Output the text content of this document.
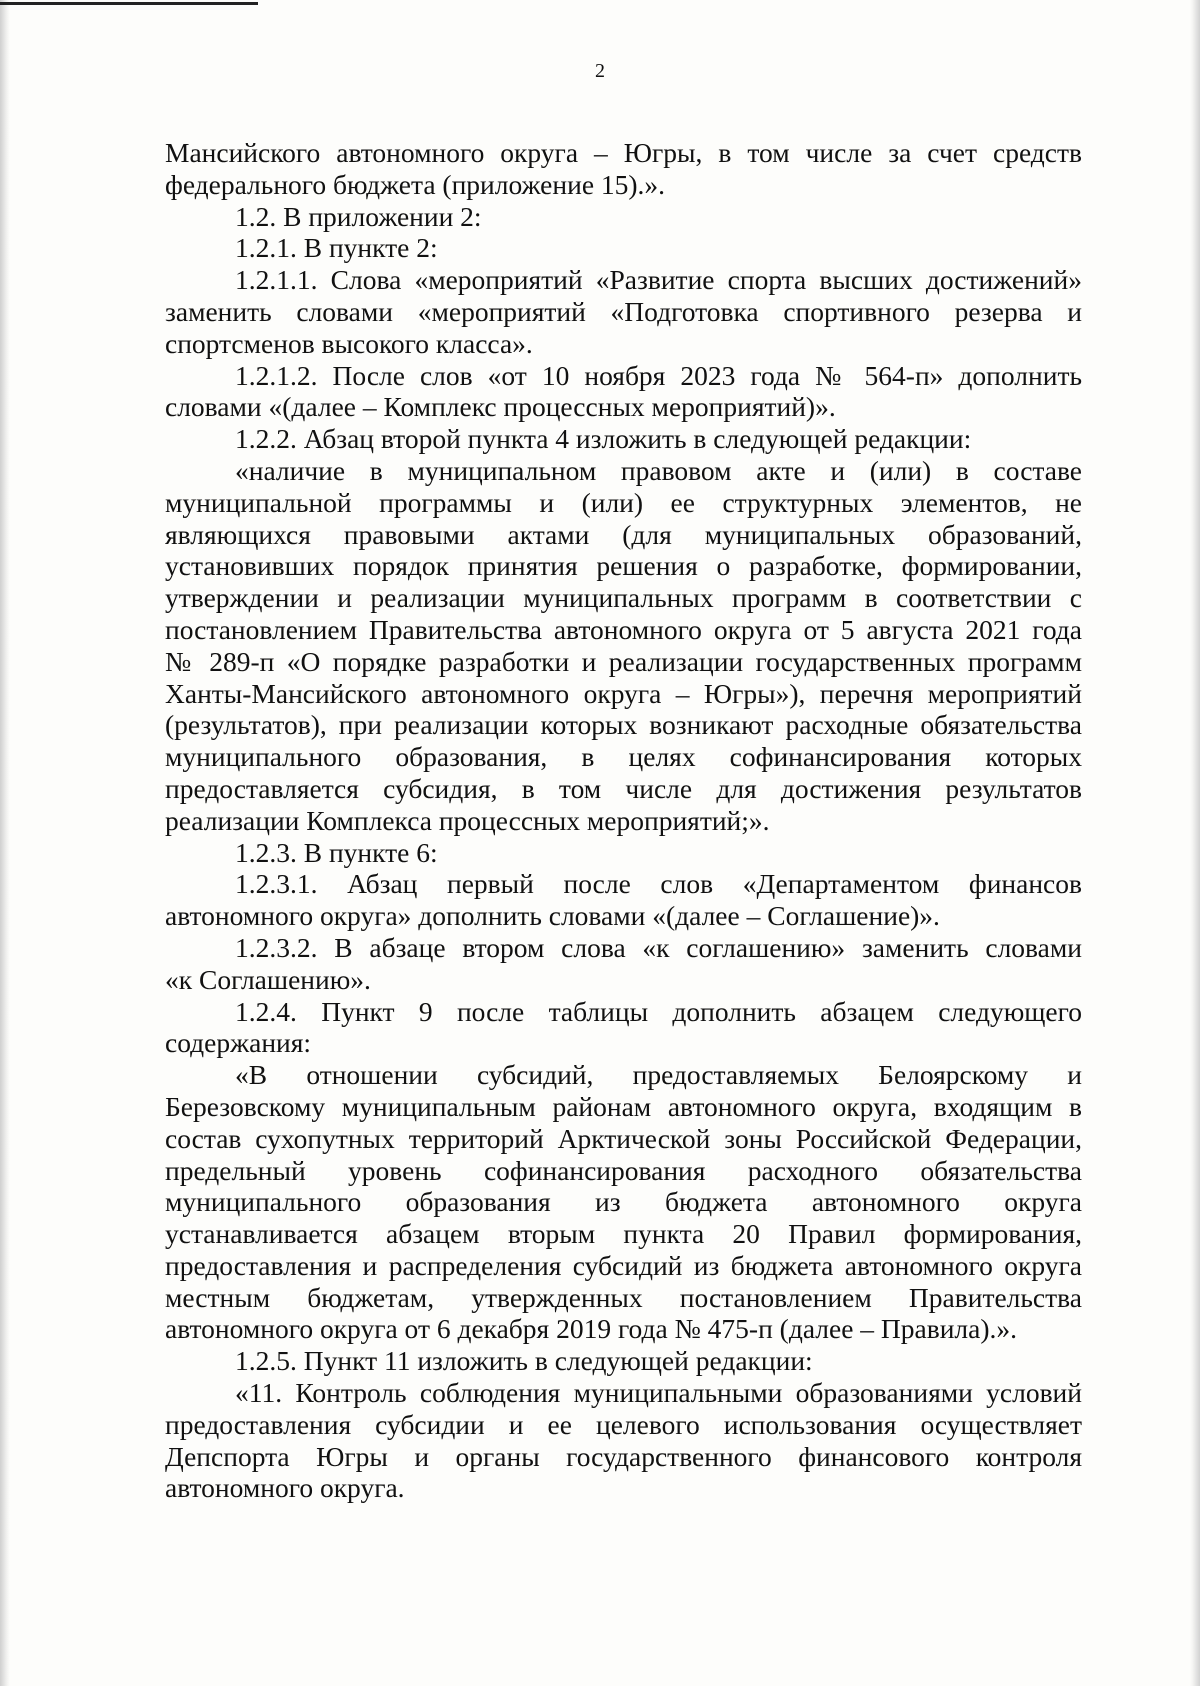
2
Мансийского автономного округа – Югры, в том числе за счет средств
федерального бюджета (приложение 15).».
1.2. В приложении 2:
1.2.1. В пункте 2:
1.2.1.1. Слова «мероприятий «Развитие спорта высших достижений»
заменить словами «мероприятий «Подготовка спортивного резерва и
спортсменов высокого класса».
1.2.1.2. После слов «от 10 ноября 2023 года № 564-п» дополнить
словами «(далее – Комплекс процессных мероприятий)».
1.2.2. Абзац второй пункта 4 изложить в следующей редакции:
«наличие в муниципальном правовом акте и (или) в составе
муниципальной программы и (или) ее структурных элементов, не
являющихся правовыми актами (для муниципальных образований,
установивших порядок принятия решения о разработке, формировании,
утверждении и реализации муниципальных программ в соответствии с
постановлением Правительства автономного округа от 5 августа 2021 года
№ 289-п «О порядке разработки и реализации государственных программ
Ханты-Мансийского автономного округа – Югры»), перечня мероприятий
(результатов), при реализации которых возникают расходные обязательства
муниципального образования, в целях софинансирования которых
предоставляется субсидия, в том числе для достижения результатов
реализации Комплекса процессных мероприятий;».
1.2.3. В пункте 6:
1.2.3.1. Абзац первый после слов «Департаментом финансов
автономного округа» дополнить словами «(далее – Соглашение)».
1.2.3.2. В абзаце втором слова «к соглашению» заменить словами
«к Соглашению».
1.2.4. Пункт 9 после таблицы дополнить абзацем следующего
содержания:
«В отношении субсидий, предоставляемых Белоярскому и
Березовскому муниципальным районам автономного округа, входящим в
состав сухопутных территорий Арктической зоны Российской Федерации,
предельный уровень софинансирования расходного обязательства
муниципального образования из бюджета автономного округа
устанавливается абзацем вторым пункта 20 Правил формирования,
предоставления и распределения субсидий из бюджета автономного округа
местным бюджетам, утвержденных постановлением Правительства
автономного округа от 6 декабря 2019 года № 475-п (далее – Правила).».
1.2.5. Пункт 11 изложить в следующей редакции:
«11. Контроль соблюдения муниципальными образованиями условий
предоставления субсидии и ее целевого использования осуществляет
Депспорта Югры и органы государственного финансового контроля
автономного округа.
